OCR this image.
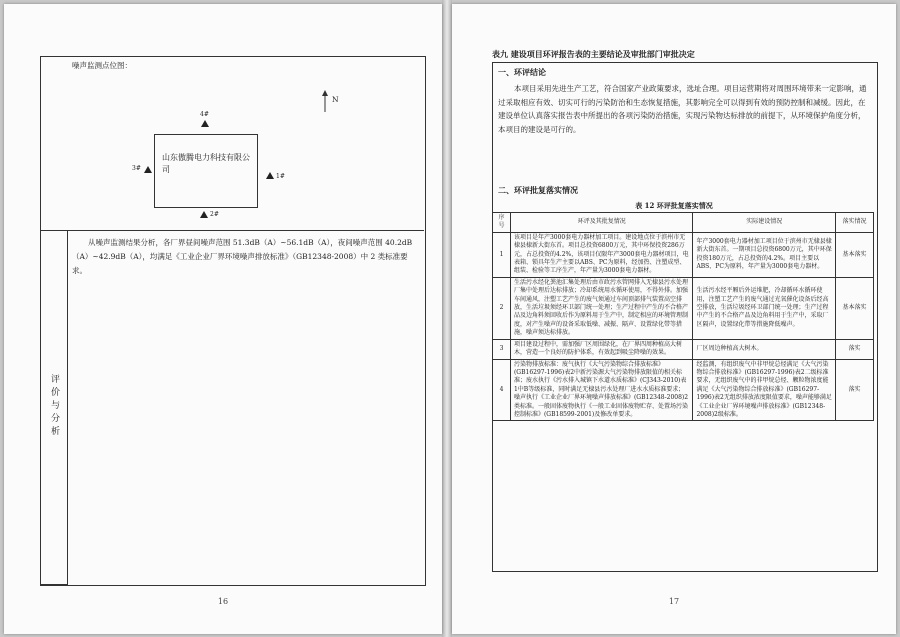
噪声监测点位图：
N
山东傲腾电力科技有限公司
4#
3#
1#
2#
从噪声监测结果分析，各厂界昼间噪声范围 51.3dB（A）~56.1dB（A），夜间噪声范围 40.2dB（A）~42.9dB（A），均满足《工业企业厂界环境噪声排放标准》（GB12348-2008）中 2 类标准要求。
评价与分析
16
表九 建设项目环评报告表的主要结论及审批部门审批决定
一、环评结论
本项目采用先进生产工艺，符合国家产业政策要求，选址合理。项目运营期将对周围环境带来一定影响，通过采取相应有效、切实可行的污染防治和生态恢复措施，其影响完全可以得到有效的预防控制和减缓。因此，在建设单位认真落实报告表中所提出的各项污染防治措施，实现污染物达标排放的前提下，从环境保护角度分析，本项目的建设是可行的。
二、环评批复落实情况
表 12 环评批复落实情况
序号	环评及其批复情况	实际建设情况	落实情况
1	该项目是年产3000套电力器材加工项目。建设地点位于滨州市无棣县棣新大街东首。项目总投资6800万元，其中环保投资286万元，占总投资的4.2%，该项目仅限年产3000套电力器材项目，电表箱、锁具年生产主要以ABS、PC为原料，经加热、注塑成型、组装、检验等工序生产，年产量为3000套电力器材。	年产3000套电力器材加工项目位于滨州市无棣县棣新大街东首。一期项目总投资6800万元，其中环保投资180万元，占总投资的4.2%。项目主要以ABS、PC为原料，年产量为3000套电力器材。	基本落实
2	生活污水经化粪池汇集处理后由市政污水管网排入无棣县污水处理厂集中处理后达标排放；冷却系统用水循环使用，不得外排。加强车间通风，注塑工艺产生的废气须通过车间顶部排气装置高空排放，生活垃圾须经环卫部门统一处理；生产过程中产生的不合格产品及边角料须回收后作为原料用于生产中，制定相应的环境管理制度，对产生噪声的设备采取低噪、减振、隔声、设置绿化带等措施，噪声须达标排放。	生活污水经平厢后外运堆肥，冷却循环水循环使用，注塑工艺产生的废气通过光氧催化设备后经高空排放，生活垃圾经环卫部门统一处理；生产过程中产生的不合格产品及边角料用于生产中，采取厂区隔声，设置绿化带等措施降低噪声。	基本落实
3	项目建设过程中，需加强厂区周围绿化，在厂界四周种植高大树木，营造一个良好的防护体系，有效起到吸尘降噪的效果。	厂区周边种植高大树木。	落实
4	污染物排放标准：废气执行《大气污染物综合排放标准》(GB16297-1996)表2中新污染源大气污染物排放限值的相关标准；废水执行《污水排入城镇下水道水质标准》(CJ343-2010)表1中B等级标准，同时满足无棣县污水处理厂进水水质标准要求；噪声执行《工业企业厂界环境噪声排放标准》(GB12348-2008)2类标准。一般固体废物执行《一般工业固体废物贮存、处置场污染控制标准》(GB18599-2001)及修改单要求。	经监测，有组织废气中非甲烷总烃满足《大气污染物综合排放标准》(GB16297-1996)表2二级标准要求，无组织废气中的非甲烷总烃、颗粒物浓度能满足《大气污染物综合排放标准》(GB16297-1996)表2无组织排放浓度限值要求，噪声能够满足《工业企业厂界环境噪声排放标准》(GB12348-2008)2级标准。	落实
17
